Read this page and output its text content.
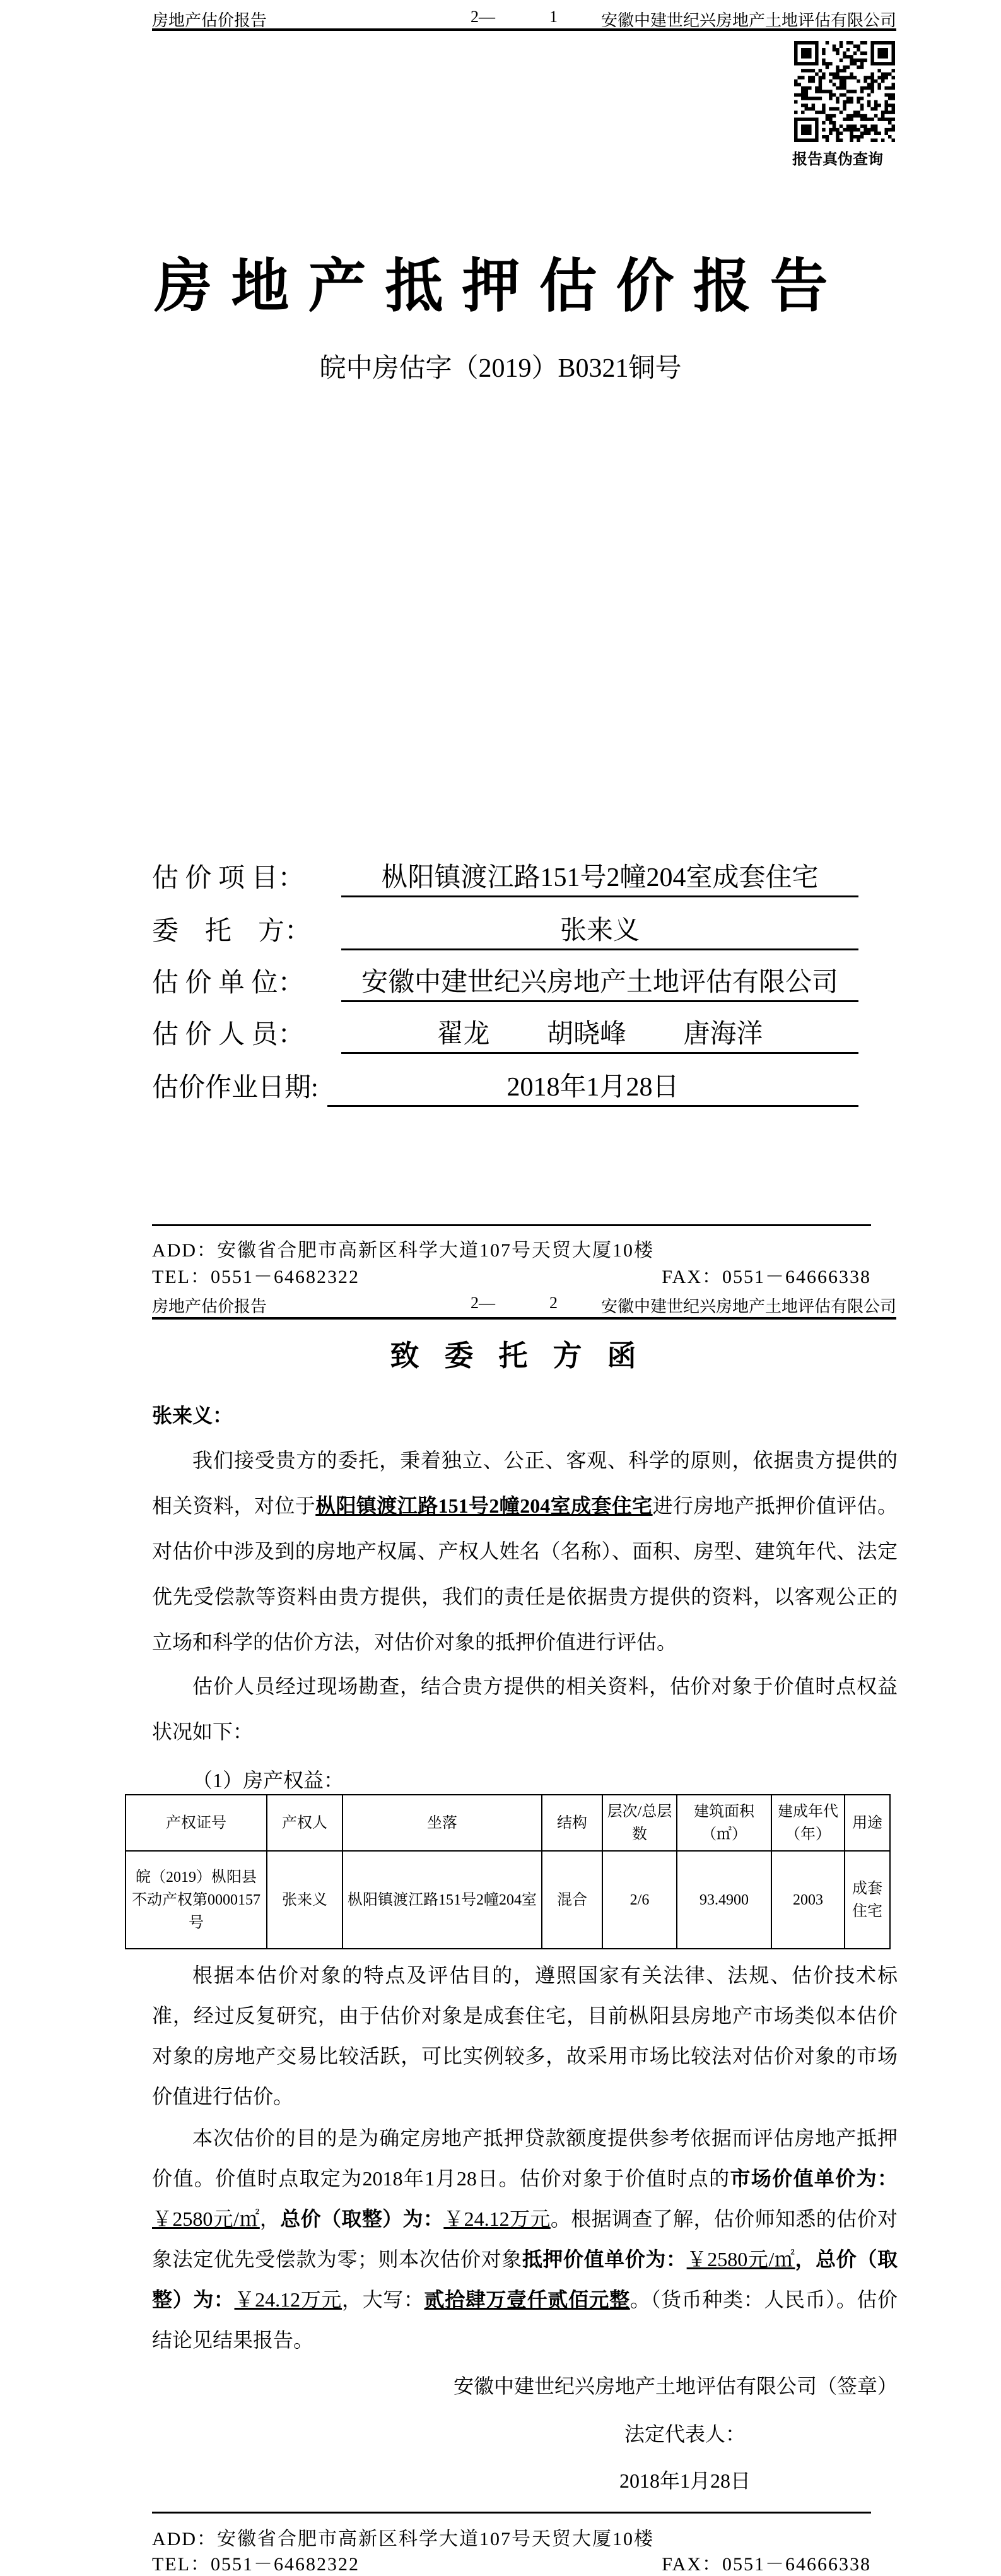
房地产估价报告	2—	1	安徽中建世纪兴房地产土地评估有限公司
报告真伪查询
房地产抵押估价报告
皖中房估字（2019）B0321铜号
估 价 项 目：	枞阳镇渡江路151号2幢204室成套住宅
委　托　方：	张来义
估 价 单 位：	安徽中建世纪兴房地产土地评估有限公司
估 价 人 员：	翟龙 胡晓峰 唐海洋
估价作业日期:	2018年1月28日
ADD：安徽省合肥市高新区科学大道107号天贸大厦10楼
TEL：0551－64682322	FAX：0551－64666338
房地产估价报告	2—	2	安徽中建世纪兴房地产土地评估有限公司
致委托方函
张来义：
我们接受贵方的委托，秉着独立、公正、客观、科学的原则，依据贵方提供的相关资料，对位于枞阳镇渡江路151号2幢204室成套住宅进行房地产抵押价值评估。对估价中涉及到的房地产权属、产权人姓名（名称）、面积、房型、建筑年代、法定优先受偿款等资料由贵方提供，我们的责任是依据贵方提供的资料，以客观公正的立场和科学的估价方法，对估价对象的抵押价值进行评估。
估价人员经过现场勘查，结合贵方提供的相关资料，估价对象于价值时点权益状况如下：
（1）房产权益：
产权证号	产权人	坐落	结构	层次/总层数	建筑面积（㎡）	建成年代（年）	用途
皖（2019）枞阳县不动产权第0000157号	张来义	枞阳镇渡江路151号2幢204室	混合	2/6	93.4900	2003	成套住宅
根据本估价对象的特点及评估目的，遵照国家有关法律、法规、估价技术标准，经过反复研究，由于估价对象是成套住宅，目前枞阳县房地产市场类似本估价对象的房地产交易比较活跃，可比实例较多，故采用市场比较法对估价对象的市场价值进行估价。
本次估价的目的是为确定房地产抵押贷款额度提供参考依据而评估房地产抵押价值。价值时点取定为2018年1月28日。估价对象于价值时点的市场价值单价为：￥2580元/㎡，总价（取整）为：￥24.12万元。根据调查了解，估价师知悉的估价对象法定优先受偿款为零；则本次估价对象抵押价值单价为：￥2580元/㎡，总价（取整）为：￥24.12万元，大写：贰拾肆万壹仟贰佰元整。（货币种类：人民币）。估价结论见结果报告。
安徽中建世纪兴房地产土地评估有限公司（签章）
法定代表人：
2018年1月28日
ADD：安徽省合肥市高新区科学大道107号天贸大厦10楼
TEL：0551－64682322	FAX：0551－64666338
